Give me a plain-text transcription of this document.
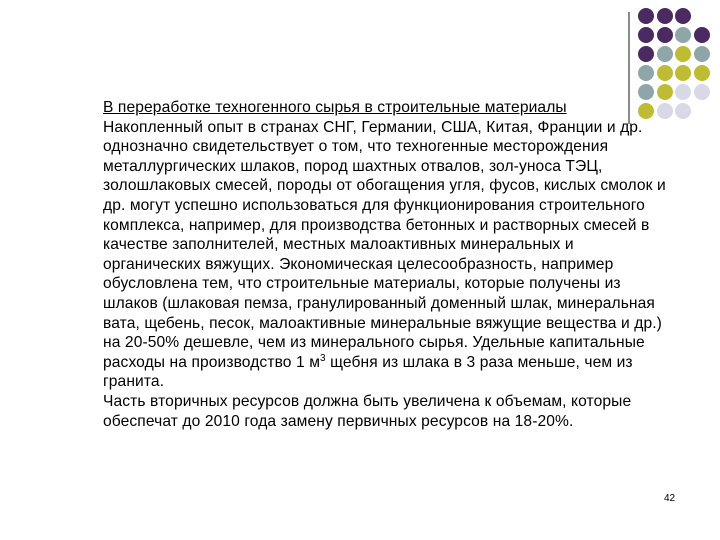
В переработке техногенного сырья в строительные материалы
Накопленный опыт в странах СНГ, Германии, США, Китая, Франции и др.
однозначно свидетельствует о том, что техногенные месторождения
металлургических шлаков, пород шахтных отвалов, зол-уноса ТЭЦ,
золошлаковых смесей, породы от обогащения угля, фусов, кислых смолок и
др. могут успешно использоваться для функционирования строительного
комплекса, например, для производства бетонных и растворных смесей в
качестве заполнителей, местных малоактивных минеральных и
органических вяжущих. Экономическая целесообразность, например
обусловлена тем, что строительные материалы, которые получены из
шлаков (шлаковая пемза, гранулированный доменный шлак, минеральная
вата, щебень, песок, малоактивные минеральные вяжущие вещества и др.)
на 20-50% дешевле, чем из минерального сырья. Удельные капитальные
расходы на производство 1 $м^3$ щебня из шлака в 3 раза меньше, чем из
гранита.
Часть вторичных ресурсов должна быть увеличена к объемам, которые
обеспечат до 2010 года замену первичных ресурсов на 18-20%.
42
